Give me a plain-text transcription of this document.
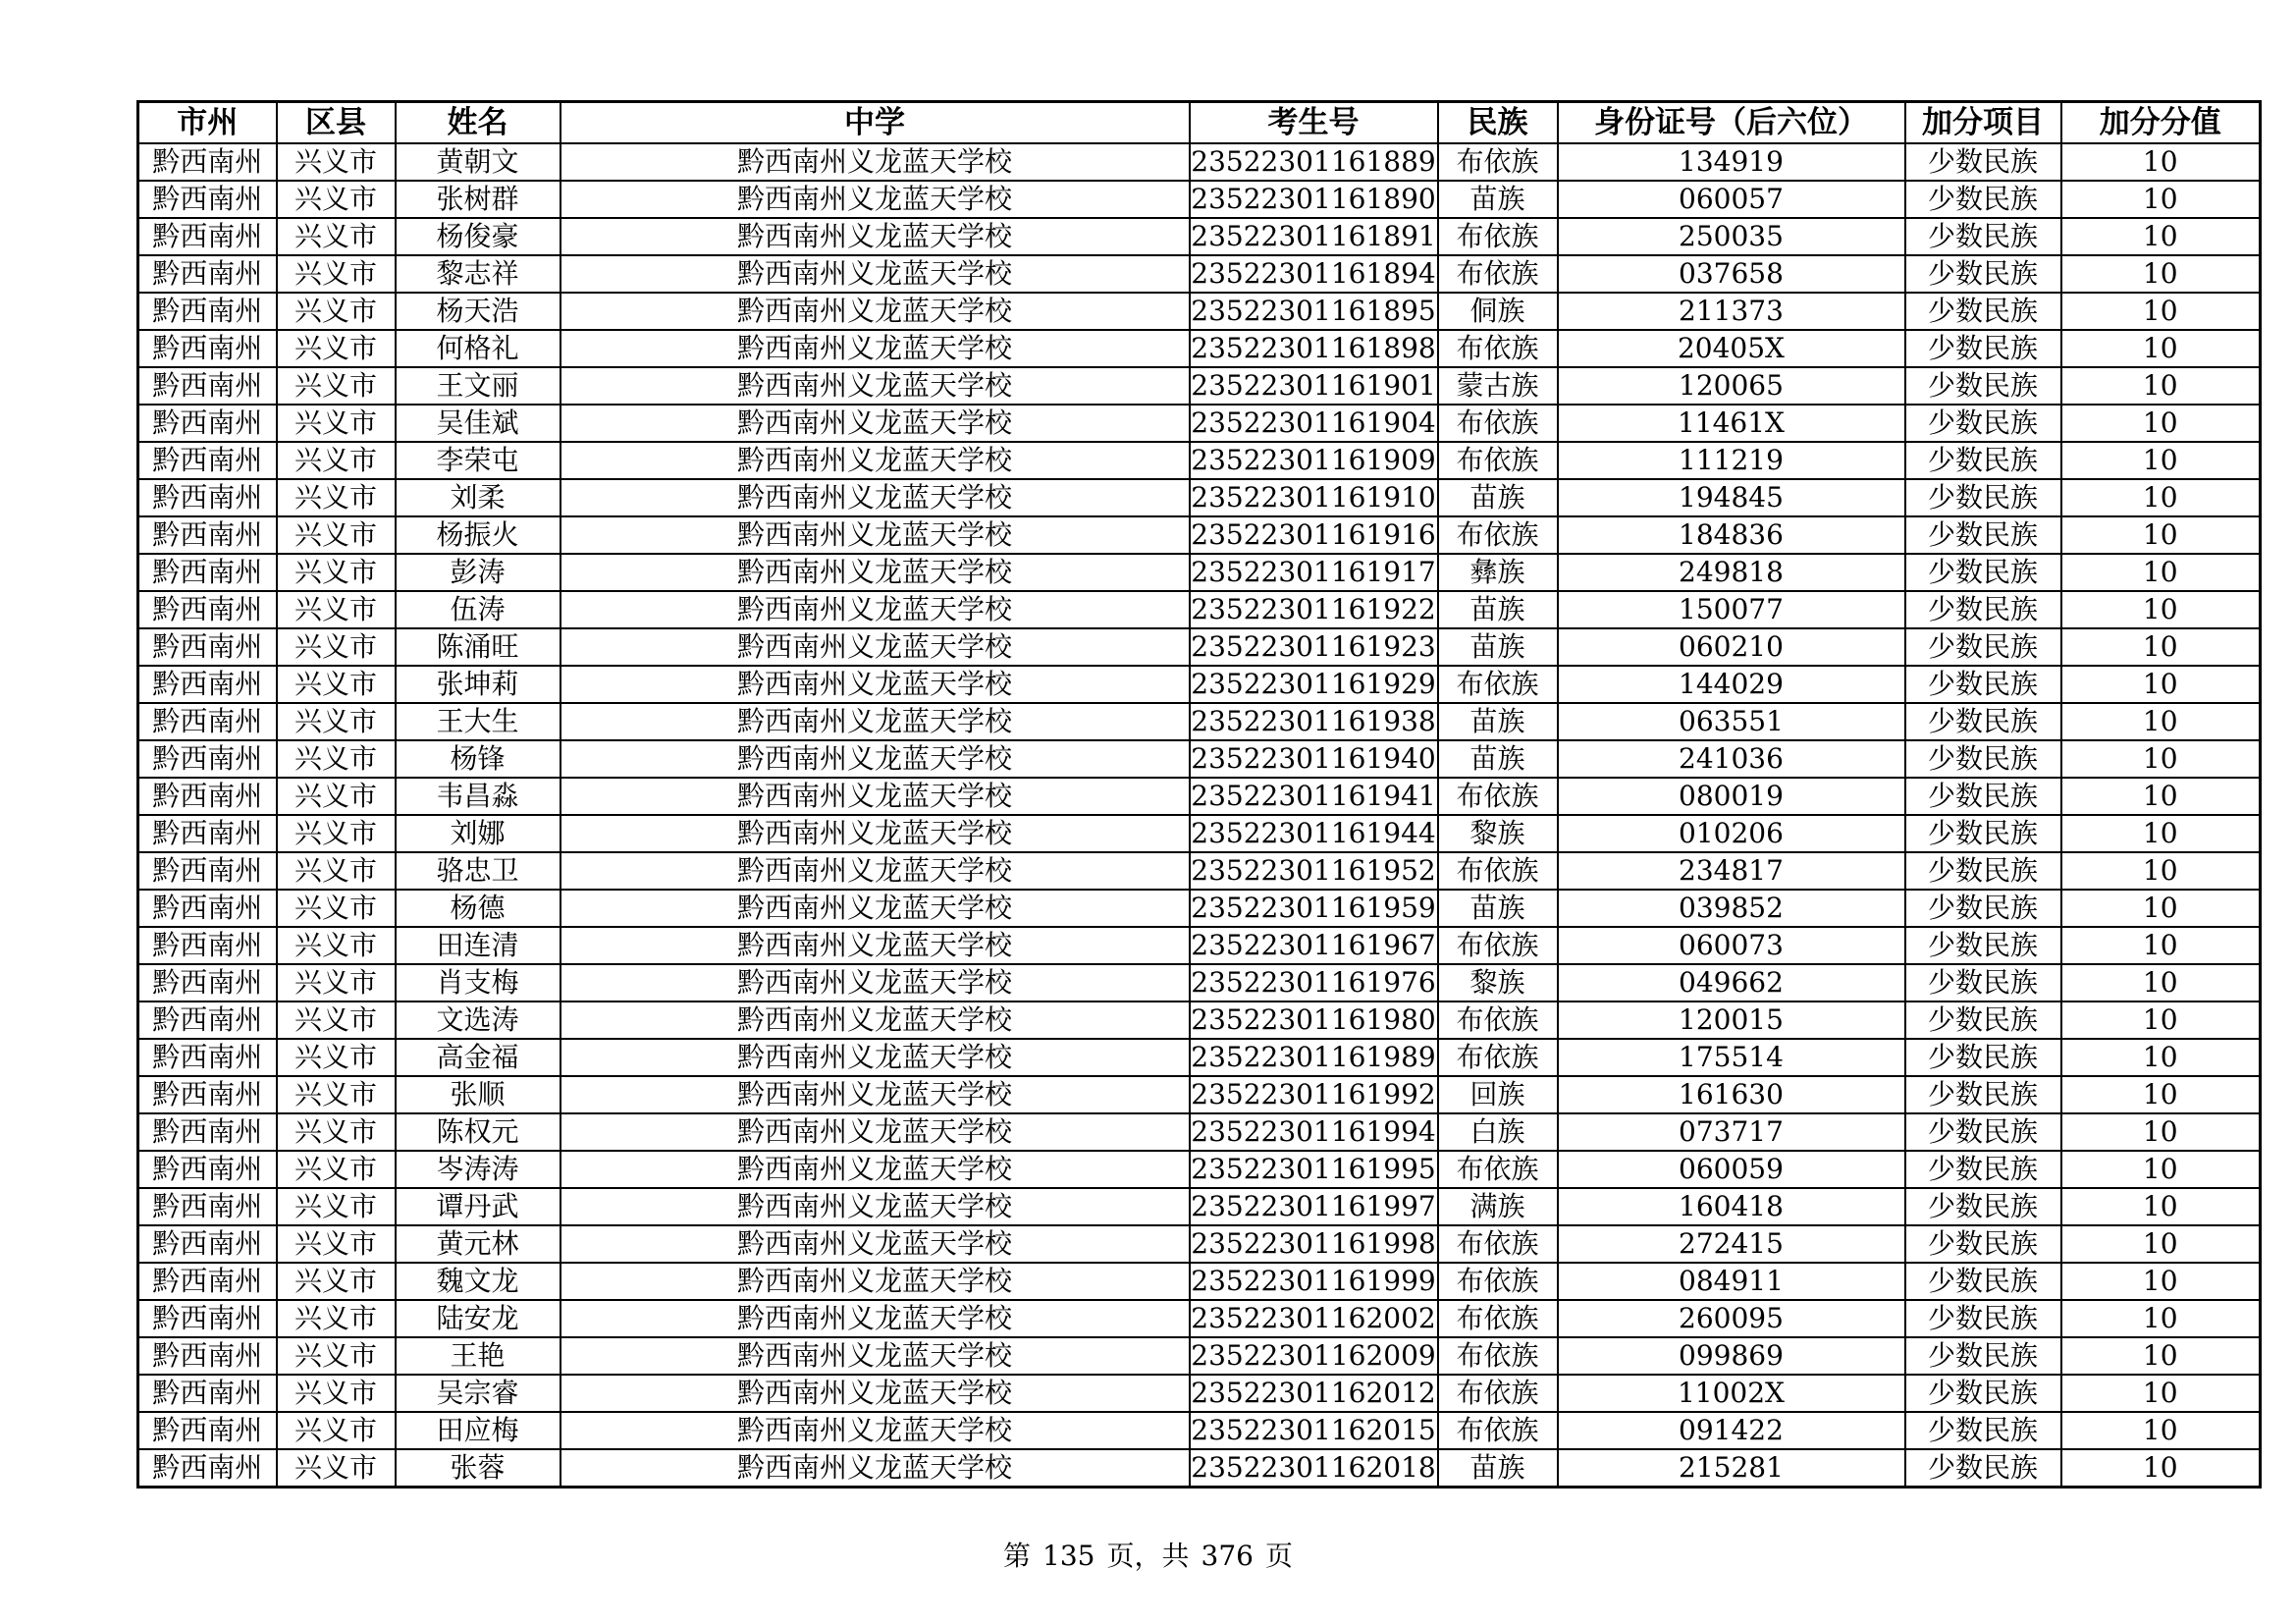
市州	区县	姓名	中学	考生号	民族	身份证号（后六位）	加分项目	加分分值
黔西南州	兴义市	黄朝文	黔西南州义龙蓝天学校	23522301161889	布依族	134919	少数民族	10
黔西南州	兴义市	张树群	黔西南州义龙蓝天学校	23522301161890	苗族	060057	少数民族	10
黔西南州	兴义市	杨俊豪	黔西南州义龙蓝天学校	23522301161891	布依族	250035	少数民族	10
黔西南州	兴义市	黎志祥	黔西南州义龙蓝天学校	23522301161894	布依族	037658	少数民族	10
黔西南州	兴义市	杨天浩	黔西南州义龙蓝天学校	23522301161895	侗族	211373	少数民族	10
黔西南州	兴义市	何格礼	黔西南州义龙蓝天学校	23522301161898	布依族	20405X	少数民族	10
黔西南州	兴义市	王文丽	黔西南州义龙蓝天学校	23522301161901	蒙古族	120065	少数民族	10
黔西南州	兴义市	吴佳斌	黔西南州义龙蓝天学校	23522301161904	布依族	11461X	少数民族	10
黔西南州	兴义市	李荣屯	黔西南州义龙蓝天学校	23522301161909	布依族	111219	少数民族	10
黔西南州	兴义市	刘柔	黔西南州义龙蓝天学校	23522301161910	苗族	194845	少数民族	10
黔西南州	兴义市	杨振火	黔西南州义龙蓝天学校	23522301161916	布依族	184836	少数民族	10
黔西南州	兴义市	彭涛	黔西南州义龙蓝天学校	23522301161917	彝族	249818	少数民族	10
黔西南州	兴义市	伍涛	黔西南州义龙蓝天学校	23522301161922	苗族	150077	少数民族	10
黔西南州	兴义市	陈涌旺	黔西南州义龙蓝天学校	23522301161923	苗族	060210	少数民族	10
黔西南州	兴义市	张坤莉	黔西南州义龙蓝天学校	23522301161929	布依族	144029	少数民族	10
黔西南州	兴义市	王大生	黔西南州义龙蓝天学校	23522301161938	苗族	063551	少数民族	10
黔西南州	兴义市	杨锋	黔西南州义龙蓝天学校	23522301161940	苗族	241036	少数民族	10
黔西南州	兴义市	韦昌淼	黔西南州义龙蓝天学校	23522301161941	布依族	080019	少数民族	10
黔西南州	兴义市	刘娜	黔西南州义龙蓝天学校	23522301161944	黎族	010206	少数民族	10
黔西南州	兴义市	骆忠卫	黔西南州义龙蓝天学校	23522301161952	布依族	234817	少数民族	10
黔西南州	兴义市	杨德	黔西南州义龙蓝天学校	23522301161959	苗族	039852	少数民族	10
黔西南州	兴义市	田连清	黔西南州义龙蓝天学校	23522301161967	布依族	060073	少数民族	10
黔西南州	兴义市	肖支梅	黔西南州义龙蓝天学校	23522301161976	黎族	049662	少数民族	10
黔西南州	兴义市	文选涛	黔西南州义龙蓝天学校	23522301161980	布依族	120015	少数民族	10
黔西南州	兴义市	高金福	黔西南州义龙蓝天学校	23522301161989	布依族	175514	少数民族	10
黔西南州	兴义市	张顺	黔西南州义龙蓝天学校	23522301161992	回族	161630	少数民族	10
黔西南州	兴义市	陈权元	黔西南州义龙蓝天学校	23522301161994	白族	073717	少数民族	10
黔西南州	兴义市	岑涛涛	黔西南州义龙蓝天学校	23522301161995	布依族	060059	少数民族	10
黔西南州	兴义市	谭丹武	黔西南州义龙蓝天学校	23522301161997	满族	160418	少数民族	10
黔西南州	兴义市	黄元林	黔西南州义龙蓝天学校	23522301161998	布依族	272415	少数民族	10
黔西南州	兴义市	魏文龙	黔西南州义龙蓝天学校	23522301161999	布依族	084911	少数民族	10
黔西南州	兴义市	陆安龙	黔西南州义龙蓝天学校	23522301162002	布依族	260095	少数民族	10
黔西南州	兴义市	王艳	黔西南州义龙蓝天学校	23522301162009	布依族	099869	少数民族	10
黔西南州	兴义市	吴宗睿	黔西南州义龙蓝天学校	23522301162012	布依族	11002X	少数民族	10
黔西南州	兴义市	田应梅	黔西南州义龙蓝天学校	23522301162015	布依族	091422	少数民族	10
黔西南州	兴义市	张蓉	黔西南州义龙蓝天学校	23522301162018	苗族	215281	少数民族	10
第 135 页，共 376 页
